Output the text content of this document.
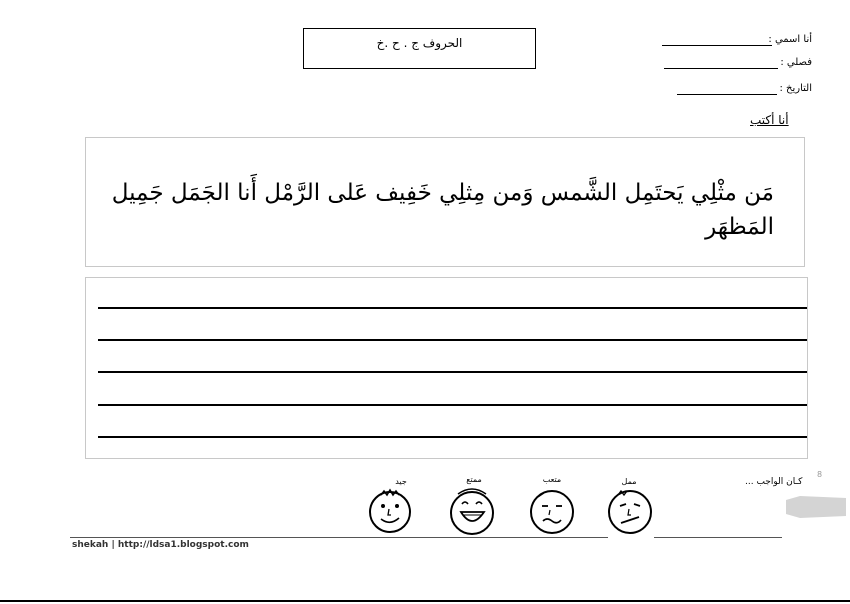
الحروف ج . ح .خ	أنا اسمي :
فصلي :
التاريخ :
أنا أكتب
مَن مثْلِي يَحتَمِل الشَّمس وَمن مِثلِي خَفِيف عَلى الرَّمْل أَنا الجَمَل جَمِيل المَظهَر
كـان الواجب ...
8
جيد	ممتع	متعب	ممل
shekah | http://ldsa1.blogspot.com
